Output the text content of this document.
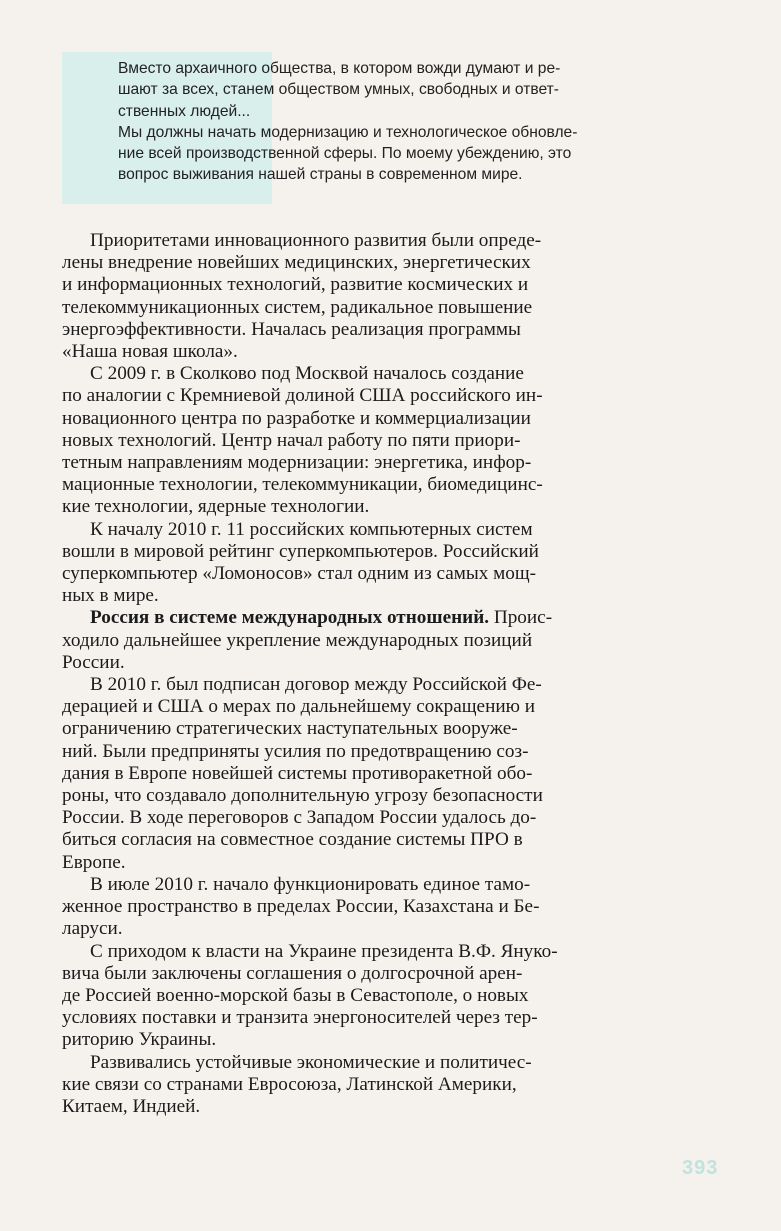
Вместо архаичного общества, в котором вожди думают и ре-
шают за всех, станем обществом умных, свободных и ответ-
ственных людей...

Мы должны начать модернизацию и технологическое обновле-
ние всей производственной сферы. По моему убеждению, это
вопрос выживания нашей страны в современном мире.

Приоритетами инновационного развития были опреде-
лены внедрение новейших медицинских, энергетических
и информационных технологий, развитие космических и
телекоммуникационных систем, радикальное повышение
энергоэффективности. Началась реализация программы
«Наша новая школа».

С 2009 г. в Сколково под Москвой началось создание
по аналогии с Кремниевой долиной США российского ин-
новационного центра по разработке и коммерциализации
новых технологий. Центр начал работу по пяти приори-
тетным направлениям модернизации: энергетика, инфор-
мационные технологии, телекоммуникации, биомедицинс-
кие технологии, ядерные технологии.

К началу 2010 г. 11 российских компьютерных систем
вошли в мировой рейтинг суперкомпьютеров. Российский
суперкомпьютер «Ломоносов» стал одним из самых мощ-
ных в мире.

Россия в системе международных отношений. Проис-
ходило дальнейшее укрепление международных позиций
России.

В 2010 г. был подписан договор между Российской Фе-
дерацией и США о мерах по дальнейшему сокращению и
ограничению стратегических наступательных вооруже-
ний. Были предприняты усилия по предотвращению соз-
дания в Европе новейшей системы противоракетной обо-
роны, что создавало дополнительную угрозу безопасности
России. В ходе переговоров с Западом России удалось до-
биться согласия на совместное создание системы ПРО в
Европе.

В июле 2010 г. начало функционировать единое тамо-
женное пространство в пределах России, Казахстана и Бе-
ларуси.

С приходом к власти на Украине президента В.Ф. Януко-
вича были заключены соглашения о долгосрочной арен-
де Россией военно-морской базы в Севастополе, о новых
условиях поставки и транзита энергоносителей через тер-
риторию Украины.

Развивались устойчивые экономические и политичес-
кие связи со странами Евросоюза, Латинской Америки,
Китаем, Индией.

393
